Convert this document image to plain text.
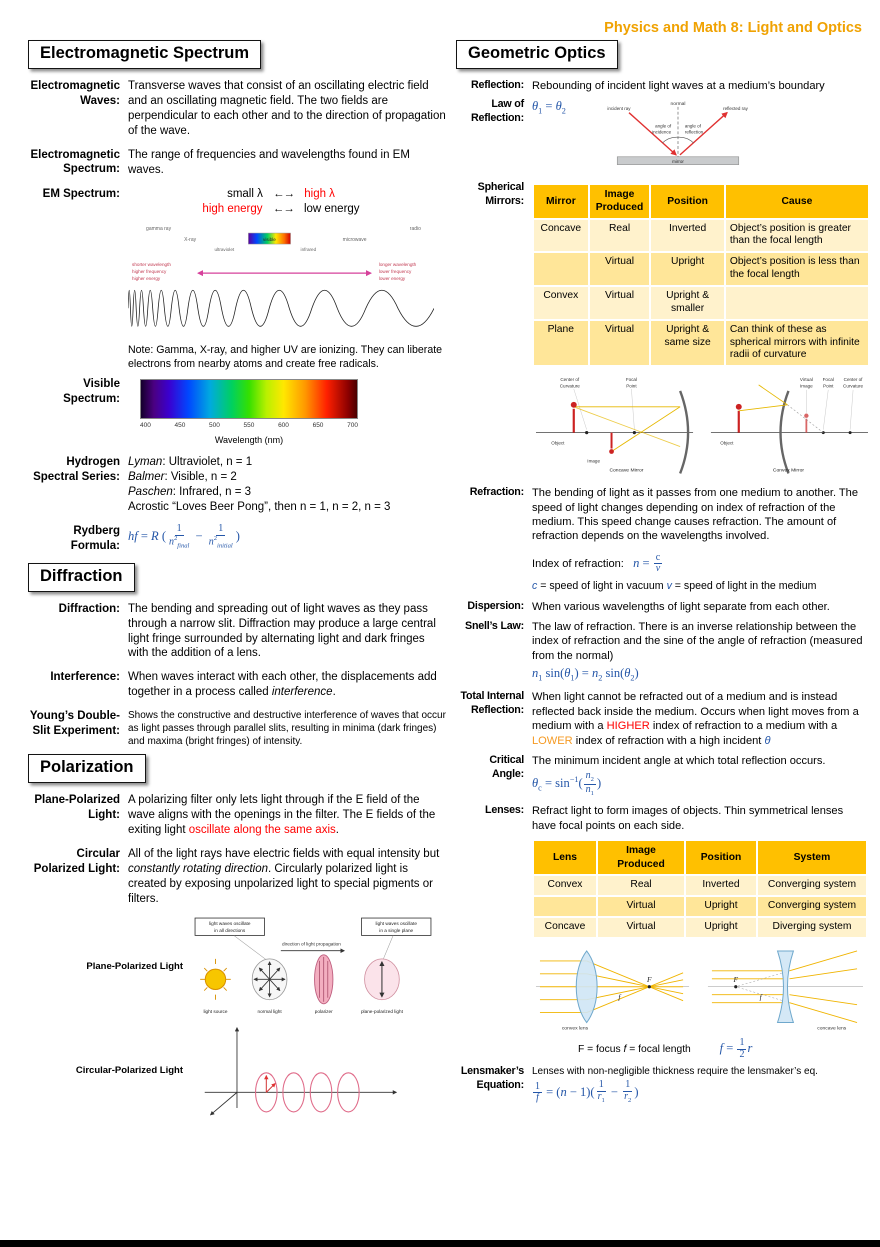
Physics and Math 8: Light and Optics
Electromagnetic Spectrum
Electromagnetic Waves:
Transverse waves that consist of an oscillating electric field and an oscillating magnetic field. The two fields are perpendicular to each other and to the direction of propagation of the wave.
Electromagnetic Spectrum:
The range of frequencies and wavelengths found in EM waves.
EM Spectrum:	small λ ←→ high λ
high energy ←→ low energy
gamma ray	radio
X-ray
ultraviolet
visible
infrared
microwave
shorter wavelength
higher frequency
higher energy
longer wavelength
lower frequency
lower energy
Note: Gamma, X-ray, and higher UV are ionizing. They can liberate electrons from nearby atoms and create free radicals.
Visible Spectrum:
400	450	500	550	600	650	700
Wavelength (nm)
Hydrogen Spectral Series:
Lyman: Ultraviolet, n = 1
Balmer: Visible, n = 2
Paschen: Infrared, n = 3
Acrostic “Loves Beer Pong”, then n = 1, n = 2, n = 3
Rydberg Formula:
hf = R ( $\frac{1}{n^2_{final}} - \frac{1}{n^2_{initial}}$ )
Diffraction
Diffraction: The bending and spreading out of light waves as they pass through a narrow slit. Diffraction may produce a large central light fringe surrounded by alternating light and dark fringes with the addition of a lens.
Interference: When waves interact with each other, the displacements add together in a process called interference.
Young’s Double-Slit Experiment:
Shows the constructive and destructive interference of waves that occur as light passes through parallel slits, resulting in minima (dark fringes) and maxima (bright fringes) of intensity.
Polarization
Plane-Polarized Light:
A polarizing filter only lets light through if the E field of the wave aligns with the openings in the filter. The E fields of the exiting light oscillate along the same axis.
Circular Polarized Light:
All of the light rays have electric fields with equal intensity but constantly rotating direction. Circularly polarized light is created by exposing unpolarized light to special pigments or filters.
Plane-Polarized Light
light waves oscillate
in all directions
light waves oscillate
in a single plane
direction of light propagation
light source	normal light	polarizer	plane-polarized light
Circular-Polarized Light
Geometric Optics
Reflection: Rebounding of incident light waves at a medium’s boundary
Law of Reflection:
$\theta_1 = \theta_2$
normal
incident ray	reflected ray
angle of
incidence
angle of
reflection
mirror
Spherical Mirrors:	Mirror	Image Produced	Position	Cause
Concave	Real	Inverted	Object’s position is greater than the focal length
	Virtual	Upright	Object’s position is less than the focal length
Convex	Virtual	Upright & smaller	
Plane	Virtual	Upright & same size	Can think of these as spherical mirrors with infinite radii of curvature
Center of
Curvature
Focal
Point
Object
Image
Concave Mirror
Object
Virtual
Image
Focal
Point
Center of
Curvature
Convex Mirror
Refraction: The bending of light as it passes from one medium to another. The speed of light changes depending on index of refraction of the medium. This speed change causes refraction. The amount of refraction depends on the wavelengths involved.
Index of refraction: $n = \frac{c}{v}$
c = speed of light in vacuum v = speed of light in the medium
Dispersion: When various wavelengths of light separate from each other.
Snell’s Law: The law of refraction. There is an inverse relationship between the index of refraction and the sine of the angle of refraction (measured from the normal)
$n_1$ $\sin(\theta_1) = n_2$ $\sin(\theta_2)$
Total Internal Reflection:
When light cannot be refracted out of a medium and is instead reflected back inside the medium. Occurs when light moves from a medium with a HIGHER index of refraction to a medium with a LOWER index of refraction with a high incident θ
Critical Angle:
The minimum incident angle at which total reflection occurs.
$\theta_c = \sin^{-1}( \frac{n_2}{n_1}$ )
Lenses: Refract light to form images of objects. Thin symmetrical lenses have focal points on each side.
Lens	Image Produced	Position	System
Convex	Real	Inverted	Converging system
	Virtual	Upright	Converging system
Concave	Virtual	Upright	Diverging system
F
f
convex lens
F
f
concave lens
F = focus f = focal length $f = \frac{1}{2}$ r
Lensmaker’s Equation:
Lenses with non-negligible thickness require the lensmaker’s eq.
$\frac{1}{f} = (n - 1)( \frac{1}{r_1} - \frac{1}{r_2}$ )
